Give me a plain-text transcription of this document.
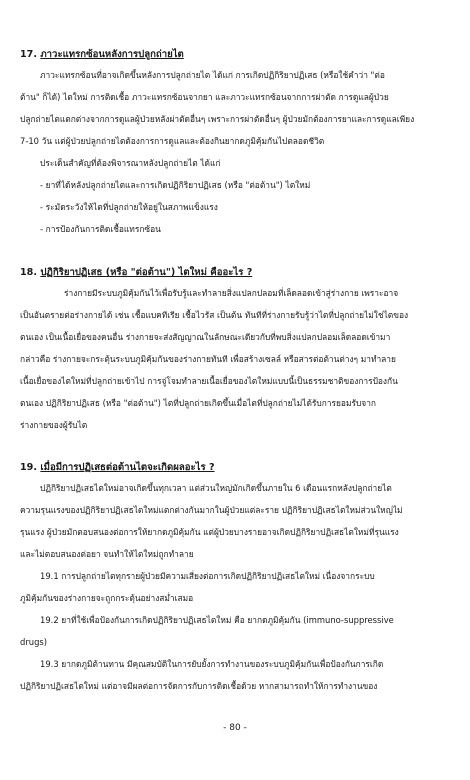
17. ภาวะแทรกซ้อนหลังการปลูกถ่ายไต
ภาวะแทรกซ้อนที่อาจเกิดขึ้นหลังการปลูกถ่ายไต ได้แก่ การเกิดปฏิกิริยาปฏิเสธ (หรือใช้คำว่า "ต่อ
ต้าน" ก็ได้) ไตใหม่ การติดเชื้อ ภาวะแทรกซ้อนจากยา และภาวะแทรกซ้อนจากการผ่าตัด การดูแลผู้ป่วย
ปลูกถ่ายไตแตกต่างจากการดูแลผู้ป่วยหลังผ่าตัดอื่นๆ เพราะการผ่าตัดอื่นๆ ผู้ป่วยมักต้องการยาและการดูแลเพียง
7-10 วัน แต่ผู้ป่วยปลูกถ่ายไตต้องการการดูแลและต้องกินยากดภูมิคุ้มกันไปตลอดชีวิต
ประเด็นสำคัญที่ต้องพิจารณาหลังปลูกถ่ายไต ได้แก่
- ยาที่ได้หลังปลูกถ่ายไตและการเกิดปฏิกิริยาปฏิเสธ (หรือ "ต่อต้าน") ไตใหม่
- ระมัดระวังให้ไตที่ปลูกถ่ายให้อยู่ในสภาพแข็งแรง
- การป้องกันการติดเชื้อแทรกซ้อน
18. ปฏิกิริยาปฏิเสธ (หรือ "ต่อต้าน") ไตใหม่ คืออะไร ?
ร่างกายมีระบบภูมิคุ้มกันไว้เพื่อรับรู้และทำลายสิ่งแปลกปลอมที่เล็ดลอดเข้าสู่ร่างกาย เพราะอาจ
เป็นอันตรายต่อร่างกายได้ เช่น เชื้อแบคทีเรีย เชื้อไวรัส เป็นต้น ทันทีที่ร่างกายรับรู้ว่าไตที่ปลูกถ่ายไม่ใช่ไตของ
ตนเอง เป็นเนื้อเยื่อของคนอื่น ร่างกายจะส่งสัญญาณในลักษณะเดียวกับที่พบสิ่งแปลกปลอมเล็ดลอดเข้ามา
กล่าวคือ ร่างกายจะกระตุ้นระบบภูมิคุ้มกันของร่างกายทันที เพื่อสร้างเซลล์ หรือสารต่อต้านต่างๆ มาทำลาย
เนื้อเยื่อของไตใหม่ที่ปลูกถ่ายเข้าไป การจู่โจมทำลายเนื้อเยื่อของไตใหม่แบบนี้เป็นธรรมชาติของการป้องกัน
ตนเอง ปฏิกิริยาปฏิเสธ (หรือ "ต่อต้าน") ไตที่ปลูกถ่ายเกิดขึ้นเมื่อไตที่ปลูกถ่ายไม่ได้รับการยอมรับจาก
ร่างกายของผู้รับไต
19. เมื่อมีการปฏิเสธต่อต้านไตจะเกิดผลอะไร ?
ปฏิกิริยาปฏิเสธไตใหม่อาจเกิดขึ้นทุกเวลา แต่ส่วนใหญ่มักเกิดขึ้นภายใน 6 เดือนแรกหลังปลูกถ่ายไต
ความรุนแรงของปฏิกิริยาปฏิเสธไตใหม่แตกต่างกันมากในผู้ป่วยแต่ละราย ปฏิกิริยาปฏิเสธไตใหม่ส่วนใหญ่ไม่
รุนแรง ผู้ป่วยมักตอบสนองต่อการให้ยากดภูมิคุ้มกัน แต่ผู้ป่วยบางรายอาจเกิดปฏิกิริยาปฏิเสธไตใหม่ที่รุนแรง
และไม่ตอบสนองต่อยา จนทำให้ไตใหม่ถูกทำลาย
19.1 การปลูกถ่ายไตทุกรายผู้ป่วยมีความเสี่ยงต่อการเกิดปฏิกิริยาปฏิเสธไตใหม่ เนื่องจากระบบ
ภูมิคุ้มกันของร่างกายจะถูกกระตุ้นอย่างสม่ำเสมอ
19.2 ยาที่ใช้เพื่อป้องกันการเกิดปฏิกิริยาปฏิเสธไตใหม่ คือ ยากดภูมิคุ้มกัน (immuno-suppressive
drugs)
19.3 ยากดภูมิต้านทาน มีคุณสมบัติในการยับยั้งการทำงานของระบบภูมิคุ้มกันเพื่อป้องกันการเกิด
ปฏิกิริยาปฏิเสธไตใหม่ แต่อาจมีผลต่อการจัดการกับการติดเชื้อด้วย หากสามารถทำให้การทำงานของ
- 80 -
